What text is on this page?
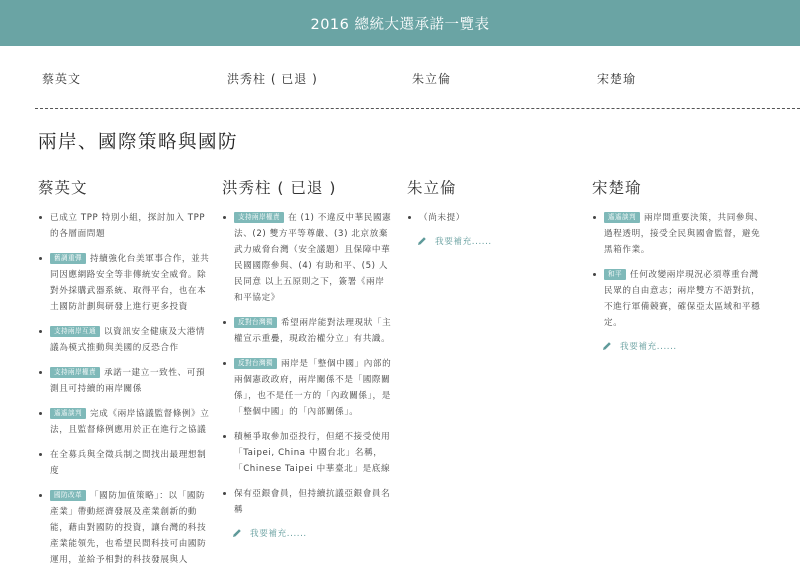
2016 總統大選承諾一覽表
蔡英文	洪秀柱 ( 已退 )	朱立倫	宋楚瑜
兩岸、國際策略與國防
蔡英文
已成立 TPP 特別小組，探討加入 TPP 的各層面問題
舊調重彈 持續強化台美軍事合作，並共同因應網路安全等非傳統安全威脅。除對外採購武器系統、取得平台，也在本土國防計劃與研發上進行更多投資
支持兩岸互通 以資訊安全健康及大港情議為模式推動與美國的反恐合作
支持兩岸權責 承諾一建立一致性、可預測且可持續的兩岸關係
遙遙談判 完成《兩岸協議監督條例》立法，且監督條例應用於正在進行之協議
在全募兵與全徵兵制之間找出最理想制度
國防改革 「國防加值策略」：以「國防產業」帶動經濟發展及產業創新的動能，藉由對國防的投資，讓台灣的科技產業能領先，也希望民間科技可由國防運用，並給予相對的科技發展與人
洪秀柱 ( 已退 )
支持兩岸權責 在 (1) 不違反中華民國憲法、(2) 雙方平等尊嚴、(3) 北京放棄武力威脅台灣（安全議題）且保障中華民國國際參與、(4) 有助和平、(5) 人民同意 以上五原則之下，簽署《兩岸和平協定》
反對台灣獨 希望兩岸能對法理現狀「主權宣示重疊，現政治權分立」有共識。
反對台灣獨 兩岸是「整個中國」內部的兩個憲政政府，兩岸關係不是「國際關係」，也不是任一方的「內政關係」，是「整個中國」的「內部關係」。
積極爭取參加亞投行，但絕不接受使用「Taipei, China 中國台北」名稱，「Chinese Taipei 中華臺北」是底線
保有亞銀會員，但持續抗議亞銀會員名稱
我要補充......
朱立倫
（尚未提）
我要補充......
宋楚瑜
遙遙談判 兩岸間重要決策，共同參與、過程透明，接受全民與國會監督，避免黑箱作業。
和平 任何改變兩岸現況必須尊重台灣民眾的自由意志；兩岸雙方不語對抗，不進行軍備競賽，確保亞太區域和平穩定。
我要補充......
